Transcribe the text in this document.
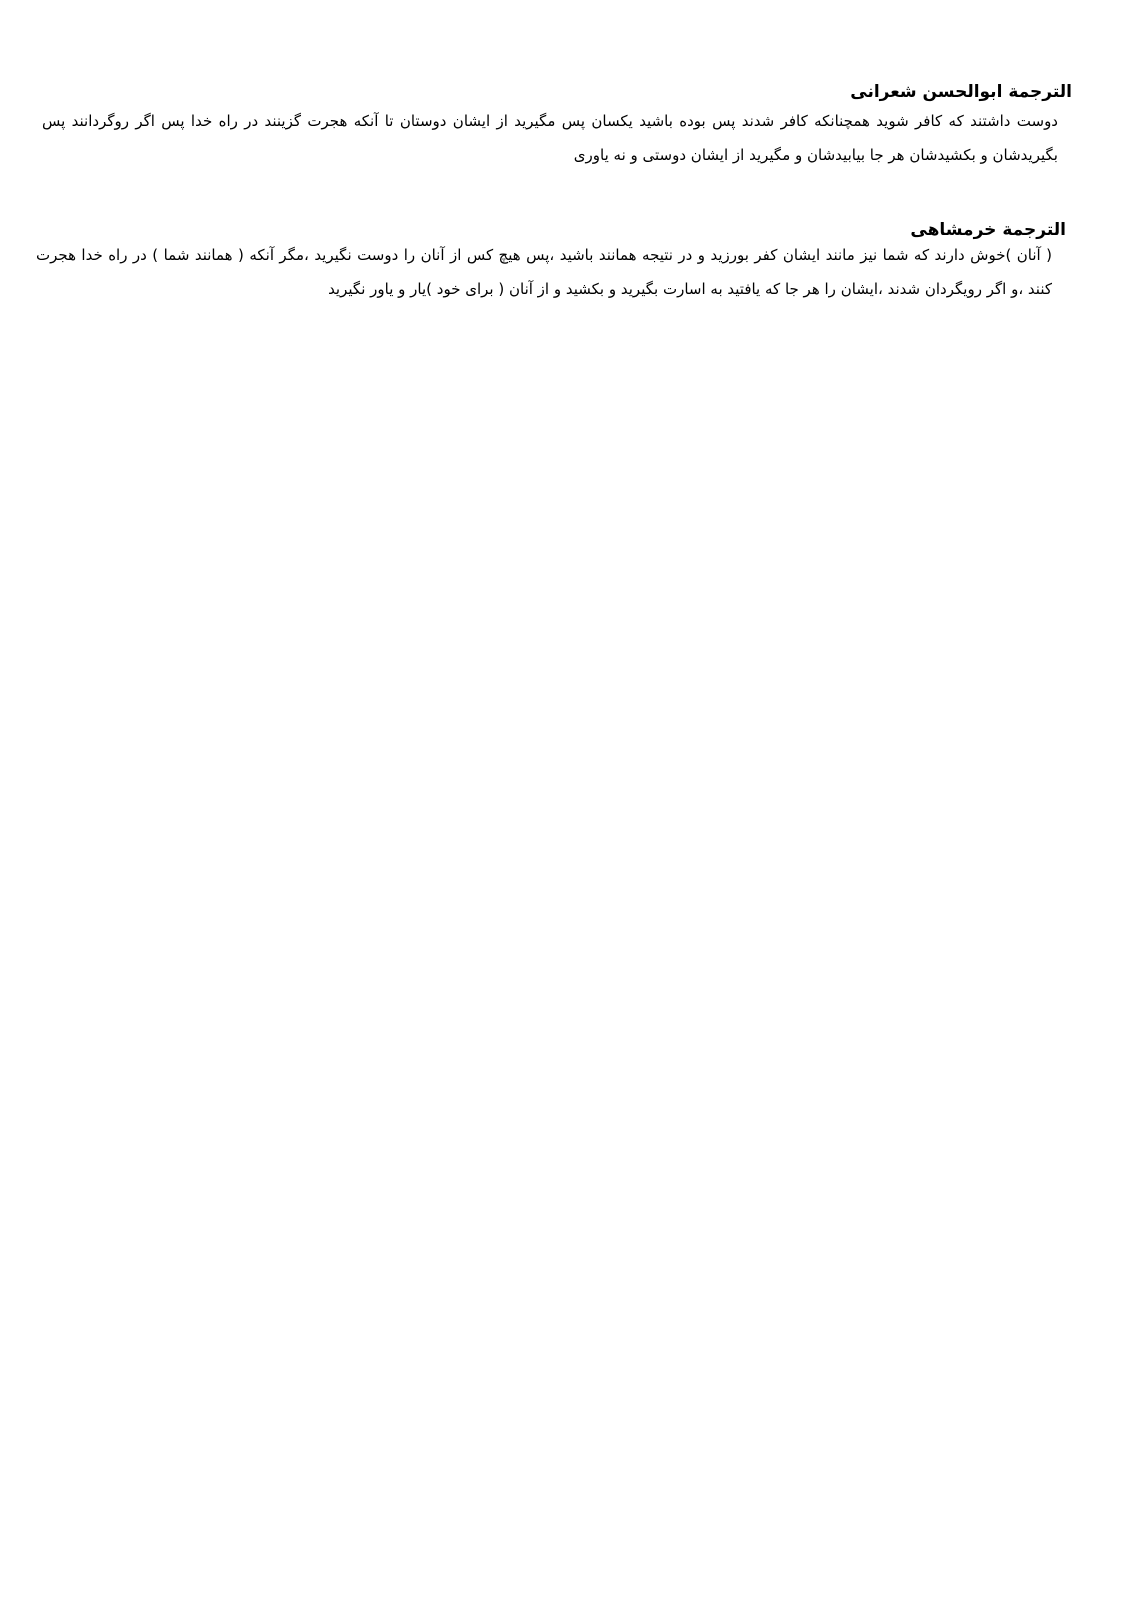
الترجمة ابوالحسن شعرانی

دوست داشتند كه كافر شويد همچنانكه كافر شدند پس بوده باشيد يكسان پس مگيريد از ايشان دوستان تا آنكه هجرت گزينند در راه خدا پس اگر روگردانند پس بگيريدشان و بكشيدشان هر جا بيابيدشان و مگيريد از ايشان دوستى و نه ياورى

الترجمة خرمشاهی

( آنان )خوش دارند كه شما نيز مانند ايشان كفر بورزيد و در نتيجه همانند باشيد ،پس هيچ كس از آنان را دوست نگيريد ،مگر آنكه ( همانند شما ) در راه خدا هجرت كنند ،و اگر رويگردان شدند ،ايشان را هر جا كه يافتيد به اسارت بگيريد و بكشيد و از آنان ( براى خود )يار و ياور نگيريد
